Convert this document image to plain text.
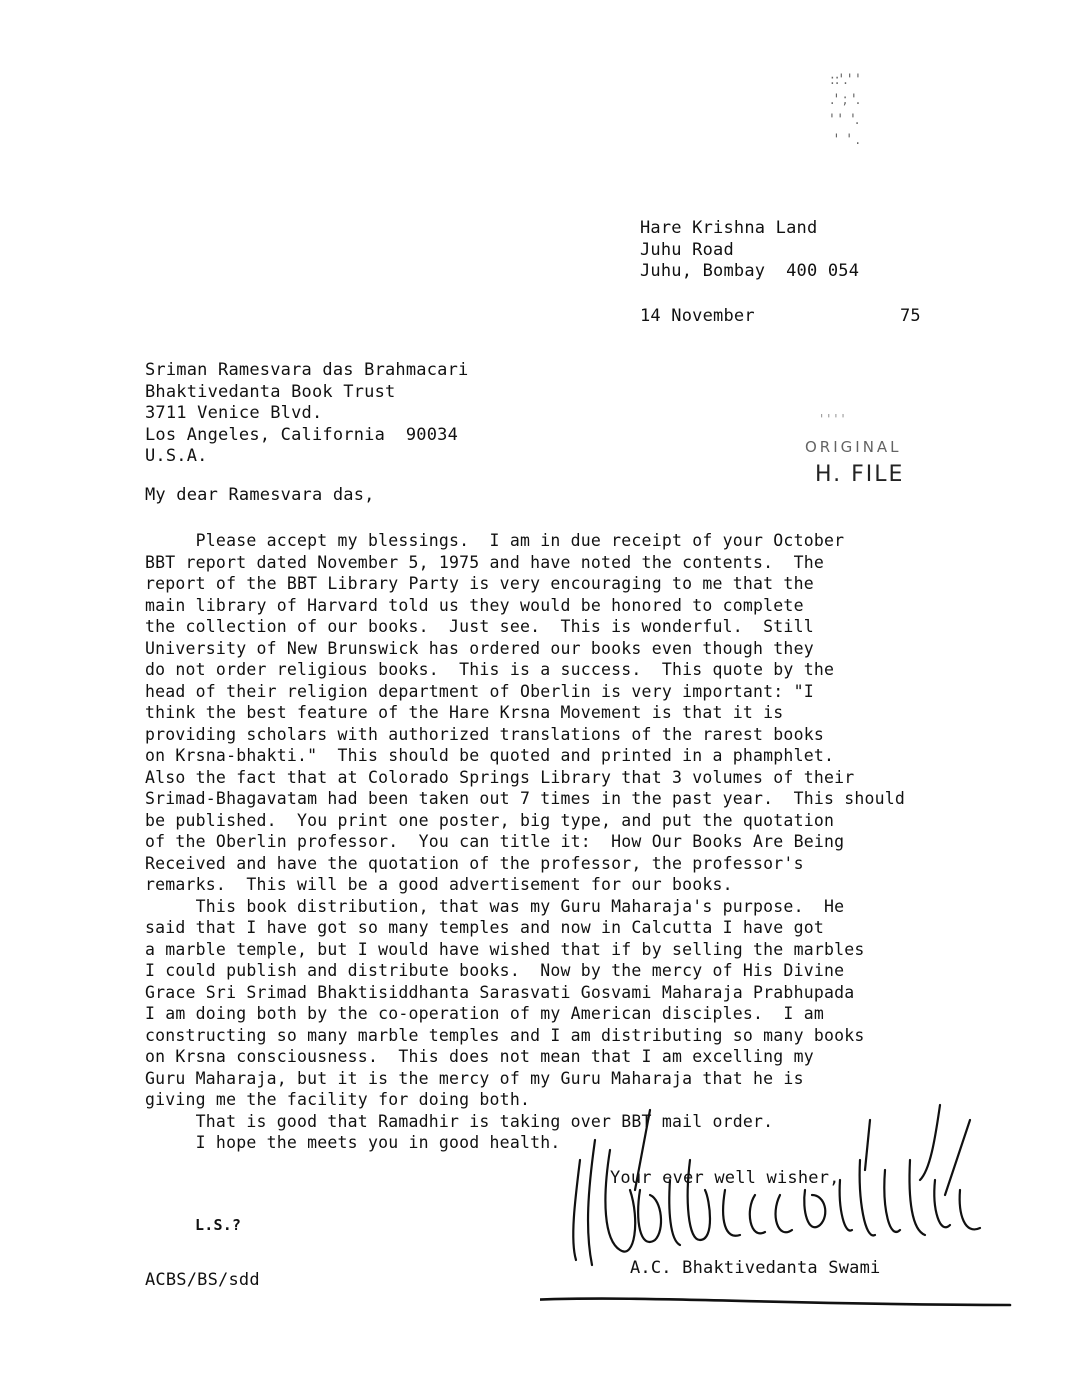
::'.' '
.' ; '.
' '  '.
'  ' .
Hare Krishna Land
Juhu Road
Juhu, Bombay  400 054

14 November

	75

Sriman Ramesvara das Brahmacari
Bhaktivedanta Book Trust
3711 Venice Blvd.
Los Angeles, California  90034
U.S.A.
' ' ' '
ORIGINAL
H. FILE
My dear Ramesvara das,
Please accept my blessings.  I am in due receipt of your October
BBT report dated November 5, 1975 and have noted the contents.  The
report of the BBT Library Party is very encouraging to me that the
main library of Harvard told us they would be honored to complete
the collection of our books.  Just see.  This is wonderful.  Still
University of New Brunswick has ordered our books even though they
do not order religious books.  This is a success.  This quote by the
head of their religion department of Oberlin is very important: "I
think the best feature of the Hare Krsna Movement is that it is
providing scholars with authorized translations of the rarest books
on Krsna-bhakti."  This should be quoted and printed in a phamphlet.
Also the fact that at Colorado Springs Library that 3 volumes of their
Srimad-Bhagavatam had been taken out 7 times in the past year.  This should
be published.  You print one poster, big type, and put the quotation
of the Oberlin professor.  You can title it:  How Our Books Are Being
Received and have the quotation of the professor, the professor's
remarks.  This will be a good advertisement for our books.
This book distribution, that was my Guru Maharaja's purpose.  He
said that I have got so many temples and now in Calcutta I have got
a marble temple, but I would have wished that if by selling the marbles
I could publish and distribute books.  Now by the mercy of His Divine
Grace Sri Srimad Bhaktisiddhanta Sarasvati Gosvami Maharaja Prabhupada
I am doing both by the co-operation of my American disciples.  I am
constructing so many marble temples and I am distributing so many books
on Krsna consciousness.  This does not mean that I am excelling my
Guru Maharaja, but it is the mercy of my Guru Maharaja that he is
giving me the facility for doing both.
That is good that Ramadhir is taking over BBT mail order.
I hope the meets you in good health.
Your ever well wisher,
A.C. Bhaktivedanta Swami
L.S.?
ACBS/BS/sdd
